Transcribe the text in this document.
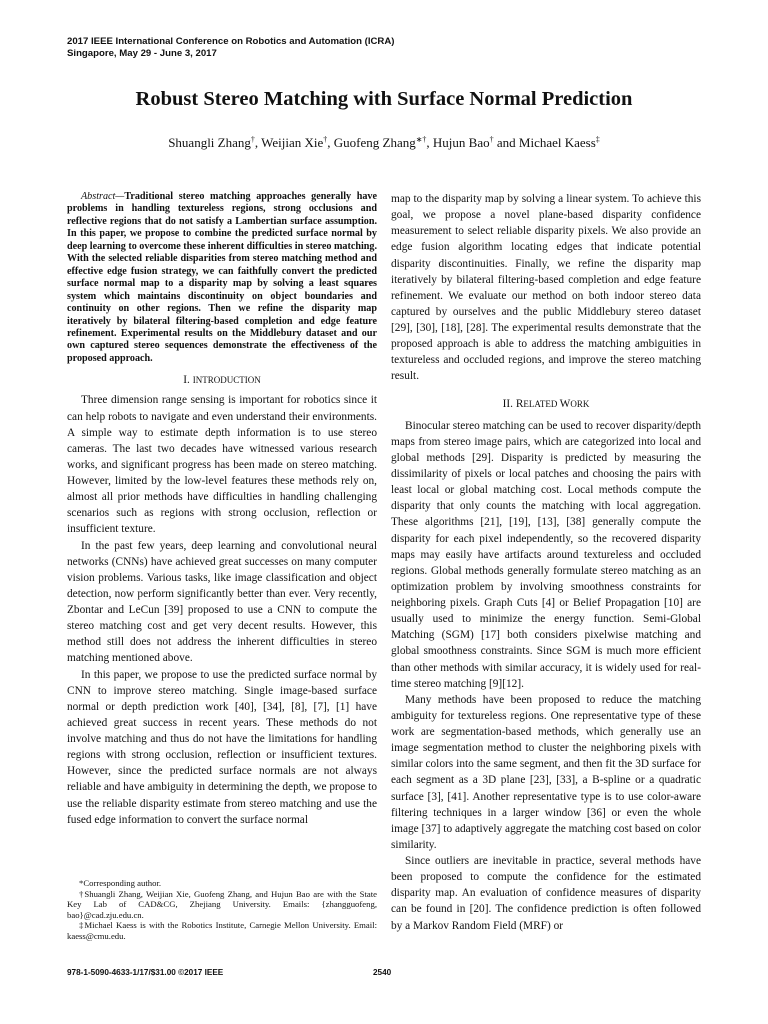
2017 IEEE International Conference on Robotics and Automation (ICRA)
Singapore, May 29 - June 3, 2017
Robust Stereo Matching with Surface Normal Prediction
Shuangli Zhang†, Weijian Xie†, Guofeng Zhang∗†, Hujun Bao† and Michael Kaess‡

Abstract—Traditional stereo matching approaches generally have problems in handling textureless regions, strong occlusions and reflective regions that do not satisfy a Lambertian surface assumption. In this paper, we propose to combine the predicted surface normal by deep learning to overcome these inherent difficulties in stereo matching. With the selected reliable disparities from stereo matching method and effective edge fusion strategy, we can faithfully convert the predicted surface normal map to a disparity map by solving a least squares system which maintains discontinuity on object boundaries and continuity on other regions. Then we refine the disparity map iteratively by bilateral filtering-based completion and edge feature refinement. Experimental results on the Middlebury dataset and our own captured stereo sequences demonstrate the effectiveness of the proposed approach.

I. INTRODUCTION

Three dimension range sensing is important for robotics since it can help robots to navigate and even understand their environments. A simple way to estimate depth information is to use stereo cameras. The last two decades have witnessed various research works, and significant progress has been made on stereo matching. However, limited by the low-level features these methods rely on, almost all prior methods have difficulties in handling challenging scenarios such as regions with strong occlusion, reflection or insufficient texture.

In the past few years, deep learning and convolutional neural networks (CNNs) have achieved great successes on many computer vision problems. Various tasks, like image classification and object detection, now perform significantly better than ever. Very recently, Zbontar and LeCun [39] proposed to use a CNN to compute the stereo matching cost and get very decent results. However, this method still does not address the inherent difficulties in stereo matching mentioned above.

In this paper, we propose to use the predicted surface normal by CNN to improve stereo matching. Single image-based surface normal or depth prediction work [40], [34], [8], [7], [1] have achieved great success in recent years. These methods do not involve matching and thus do not have the limitations for handling regions with strong occlusion, reflection or insufficient textures. However, since the predicted surface normals are not always reliable and have ambiguity in determining the depth, we propose to use the reliable disparity estimate from stereo matching and use the fused edge information to convert the surface normal

map to the disparity map by solving a linear system. To achieve this goal, we propose a novel plane-based disparity confidence measurement to select reliable disparity pixels. We also provide an edge fusion algorithm locating edges that indicate potential disparity discontinuities. Finally, we refine the disparity map iteratively by bilateral filtering-based completion and edge feature refinement. We evaluate our method on both indoor stereo data captured by ourselves and the public Middlebury stereo dataset [29], [30], [18], [28]. The experimental results demonstrate that the proposed approach is able to address the matching ambiguities in textureless and occluded regions, and improve the stereo matching result.

II. RELATED WORK

Binocular stereo matching can be used to recover disparity/depth maps from stereo image pairs, which are categorized into local and global methods [29]. Disparity is predicted by measuring the dissimilarity of pixels or local patches and choosing the pairs with least local or global matching cost. Local methods compute the disparity that only counts the matching with local aggregation. These algorithms [21], [19], [13], [38] generally compute the disparity for each pixel independently, so the recovered disparity maps may easily have artifacts around textureless and occluded regions. Global methods generally formulate stereo matching as an optimization problem by involving smoothness constraints for neighboring pixels. Graph Cuts [4] or Belief Propagation [10] are usually used to minimize the energy function. Semi-Global Matching (SGM) [17] both considers pixelwise matching and global smoothness constraints. Since SGM is much more efficient than other methods with similar accuracy, it is widely used for real-time stereo matching [9][12].

Many methods have been proposed to reduce the matching ambiguity for textureless regions. One representative type of these work are segmentation-based methods, which generally use an image segmentation method to cluster the neighboring pixels with similar colors into the same segment, and then fit the 3D surface for each segment as a 3D plane [23], [33], a B-spline or a quadratic surface [3], [41]. Another representative type is to use color-aware filtering techniques in a larger window [36] or even the whole image [37] to adaptively aggregate the matching cost based on color similarity.

Since outliers are inevitable in practice, several methods have been proposed to compute the confidence for the estimated disparity map. An evaluation of confidence measures of disparity can be found in [20]. The confidence prediction is often followed by a Markov Random Field (MRF) or

*Corresponding author.

†Shuangli Zhang, Weijian Xie, Guofeng Zhang, and Hujun Bao are with the State Key Lab of CAD&CG, Zhejiang University. Emails: {zhangguofeng, bao}@cad.zju.edu.cn.

‡Michael Kaess is with the Robotics Institute, Carnegie Mellon University. Email: kaess@cmu.edu.

978-1-5090-4633-1/17/$31.00 ©2017 IEEE	2540
